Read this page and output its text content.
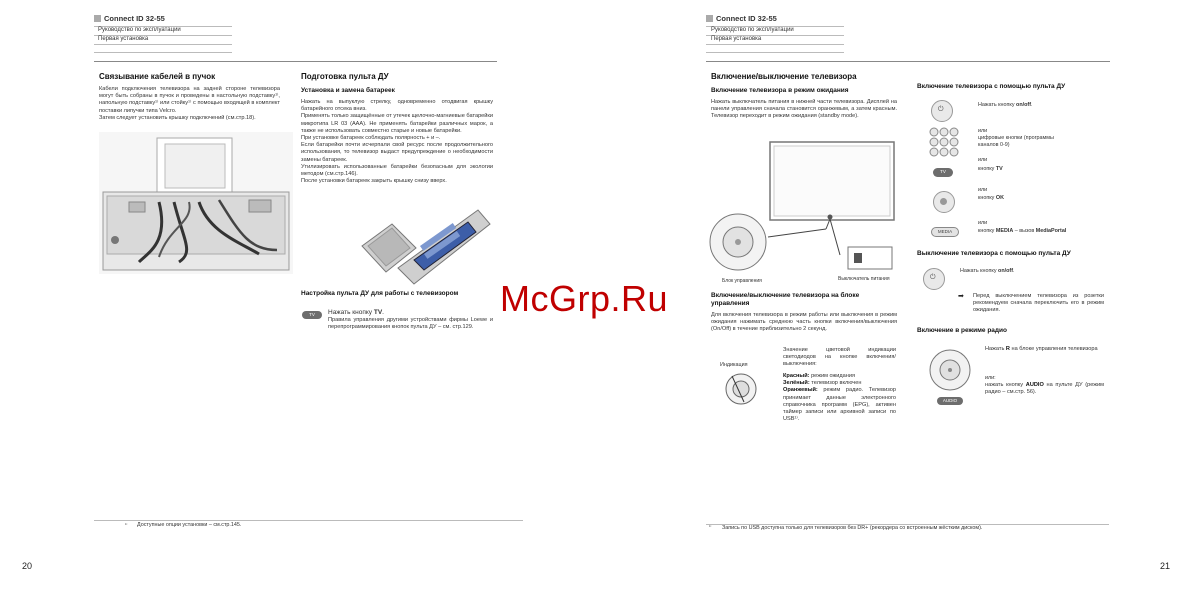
Connect ID 32-55
Руководство по эксплуатации
Первая установка
Связывание кабелей в пучок
Кабели подключения телевизора на задней стороне телевизора могут быть собраны в пучок и проведены в настольную подставку¹⁾, напольную подставку¹⁾ или стойку¹⁾ с помощью входящей в комплект поставки липучки типа Velcro.
Затем следует установить крышку подключений (см.стр.18).
Подготовка пульта ДУ
Установка и замена батареек
Нажать на выпуклую стрелку, одновременно отодвигая крышку батарейного отсека вниз.
Применять только защищённые от утечек щелочно-магниевые батарейки микротипа LR 03 (AAA). Не применять батарейки различных марок, а также не использовать совместно старые и новые батарейки.
При установке батареек соблюдать полярность + и –.
Если батарейки почти исчерпали свой ресурс после продолжительного использования, то телевизор выдаст предупреждение о необходимости замены батареек.
Утилизировать использованные батарейки безопасным для экологии методом (см.стр.146).
После установки батареек закрыть крышку снизу вверх.
Настройка пульта ДУ для работы с телевизором
TV	Нажать кнопку TV.
Правила управления другими устройствами фирмы Loewe и перепрограммирования кнопок пульта ДУ – см. стр.129.
¹⁾ Доступные опции установки – см.стр.145.
20
Connect ID 32-55
Руководство по эксплуатации
Первая установка
Включение/выключение телевизора
Включение телевизора в режим ожидания
Нажать выключатель питания в нижней части телевизора. Дисплей на панели управления сначала становится оранжевым, а затем красным. Телевизор переходит в режим ожидания (standby mode).
Блок управления	Выключатель питания
Включение/выключение телевизора на блоке управления
Для включения телевизора в режим работы или выключения в режим ожидания нажимать среднюю часть кнопки включения/выключения (On/Off) в течение приблизительно 2 секунд.
Индикация
Значение цветовой индикации светодиодов на кнопке включения/выключения:
Красный: режим ожидания
Зелёный: телевизор включен
Оранжевый: режим радио. Телевизор принимает данные электронного справочника программ (EPG), активен таймер записи или архивной записи по USB¹⁾.
Включение телевизора с помощью пульта ДУ
⏻
Нажать кнопку on/off.
или
цифровые кнопки (программы каналов 0-9)
TV
или
кнопку TV
или
кнопку OK
MEDIA
или
кнопку MEDIA – вызов MediaPortal
Выключение телевизора с помощью пульта ДУ
⏻
Нажать кнопку on/off.
➡ Перед выключением телевизора из розетки рекомендуем сначала переключить его в режим ожидания.
Включение в режиме радио
AUDIO
Нажать R на блоке управления телевизора
или:
нажать кнопку AUDIO на пульте ДУ (режим радио – см.стр. 56).
¹⁾ Запись по USB доступна только для телевизоров без DR+ (рекордера со встроенным жёстким диском).
21
McGrp.Ru
